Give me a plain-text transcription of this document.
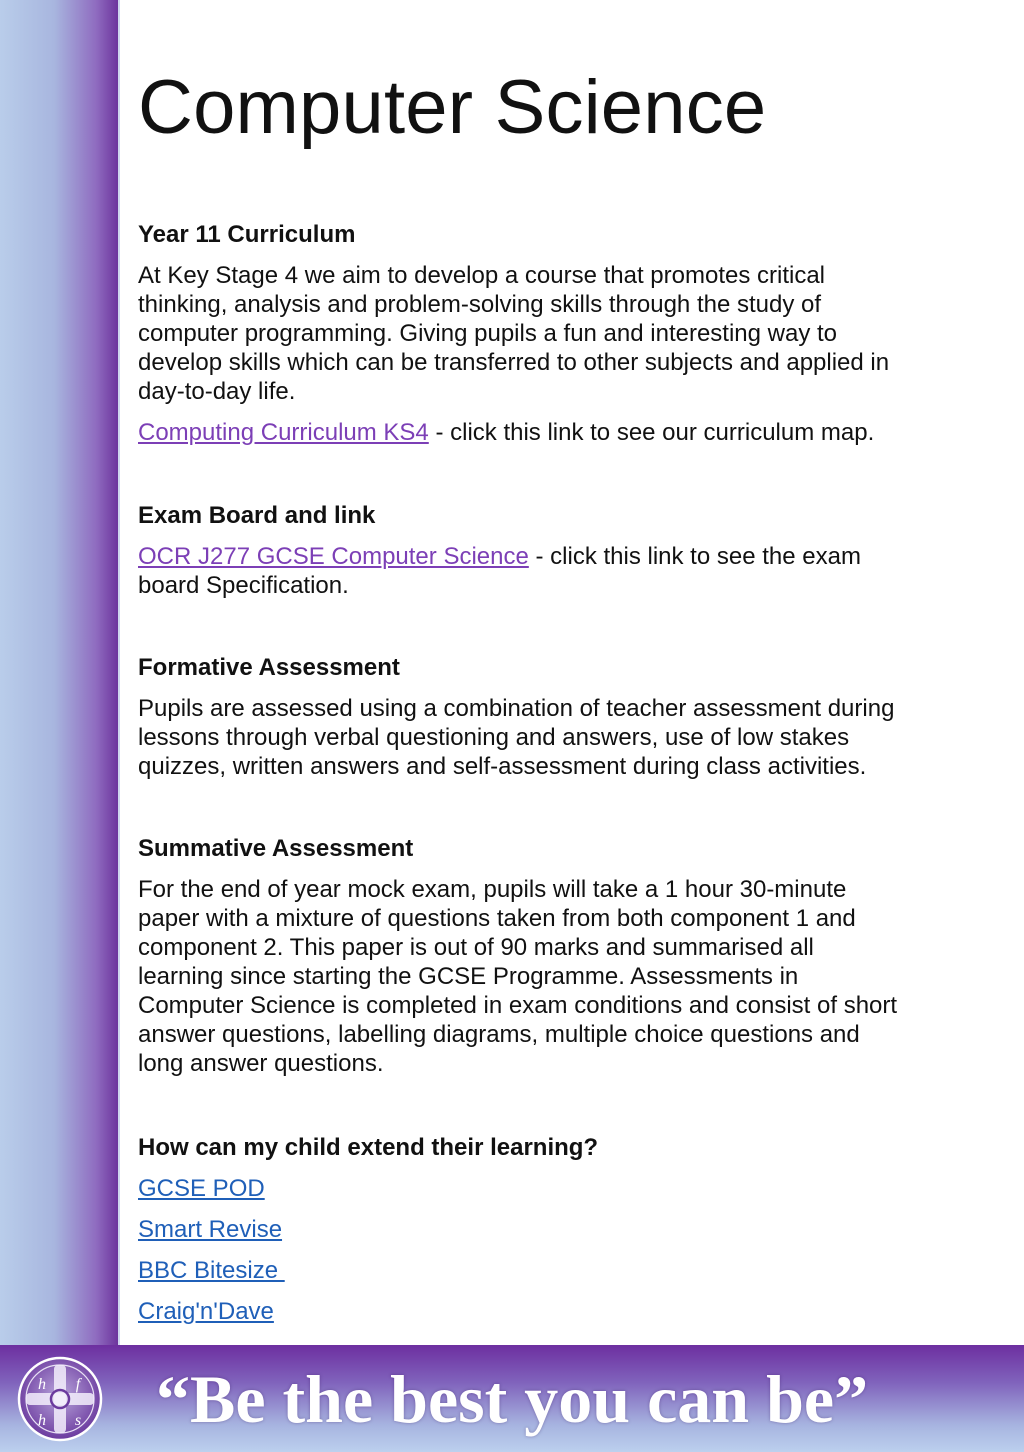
Computer Science

Year 11 Curriculum

At Key Stage 4 we aim to develop a course that promotes critical

thinking, analysis and problem-solving skills through the study of

computer programming. Giving pupils a fun and interesting way to

develop skills which can be transferred to other subjects and applied in

day-to-day life.

Computing Curriculum KS4 - click this link to see our curriculum map.

Exam Board and link

OCR J277 GCSE Computer Science - click this link to see the exam

board Specification.

Formative Assessment

Pupils are assessed using a combination of teacher assessment during

lessons through verbal questioning and answers, use of low stakes

quizzes, written answers and self-assessment during class activities.

Summative Assessment

For the end of year mock exam, pupils will take a 1 hour 30-minute

paper with a mixture of questions taken from both component 1 and

component 2. This paper is out of 90 marks and summarised all

learning since starting the GCSE Programme. Assessments in

Computer Science is completed in exam conditions and consist of short

answer questions, labelling diagrams, multiple choice questions and

long answer questions.

How can my child extend their learning?

GCSE POD

Smart Revise

BBC Bitesize

Craig'n'Dave

h f
h s “Be the best you can be”
